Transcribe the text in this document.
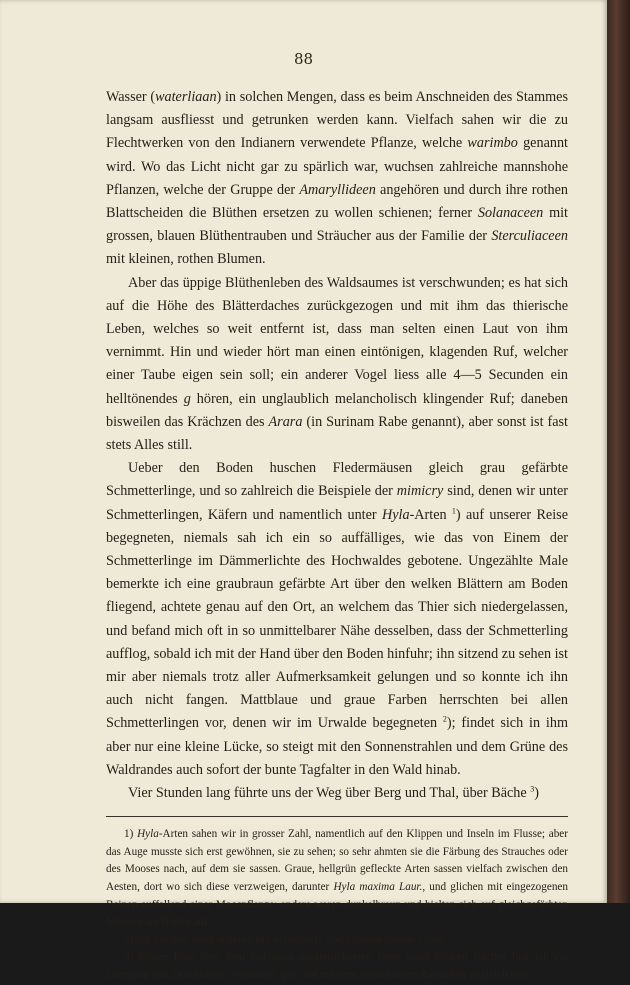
88

Wasser (waterliaan) in solchen Mengen, dass es beim Anschneiden des Stammes langsam ausfliesst und getrunken werden kann. Vielfach sahen wir die zu Flechtwerken von den Indianern verwendete Pflanze, welche warimbo genannt wird. Wo das Licht nicht gar zu spärlich war, wuchsen zahlreiche mannshohe Pflanzen, welche der Gruppe der Amaryllideen angehören und durch ihre rothen Blattscheiden die Blüthen ersetzen zu wollen schienen; ferner Solanaceen mit grossen, blauen Blüthentrauben und Sträucher aus der Familie der Sterculiaceen mit kleinen, rothen Blumen.

Aber das üppige Blüthenleben des Waldsaumes ist verschwunden; es hat sich auf die Höhe des Blätterdaches zurückgezogen und mit ihm das thierische Leben, welches so weit entfernt ist, dass man selten einen Laut von ihm vernimmt. Hin und wieder hört man einen eintönigen, klagenden Ruf, welcher einer Taube eigen sein soll; ein anderer Vogel liess alle 4—5 Secunden ein helltönendes g hören, ein unglaublich melancholisch klingender Ruf; daneben bisweilen das Krächzen des Arara (in Surinam Rabe genannt), aber sonst ist fast stets Alles still.

Ueber den Boden huschen Fledermäusen gleich grau gefärbte Schmetterlinge, und so zahlreich die Beispiele der mimicry sind, denen wir unter Schmetterlingen, Käfern und namentlich unter Hyla-Arten $^1$) auf unserer Reise begegneten, niemals sah ich ein so auffälliges, wie das von Einem der Schmetterlinge im Dämmerlichte des Hochwaldes gebotene. Ungezählte Male bemerkte ich eine graubraun gefärbte Art über den welken Blättern am Boden fliegend, achtete genau auf den Ort, an welchem das Thier sich niedergelassen, und befand mich oft in so unmittelbarer Nähe desselben, dass der Schmetterling aufflog, sobald ich mit der Hand über den Boden hinfuhr; ihn sitzend zu sehen ist mir aber niemals trotz aller Aufmerksamkeit gelungen und so konnte ich ihn auch nicht fangen. Mattblaue und graue Farben herrschten bei allen Schmetterlingen vor, denen wir im Urwalde begegneten $^2$); findet sich in ihm aber nur eine kleine Lücke, so steigt mit den Sonnenstrahlen und dem Grüne des Waldrandes auch sofort der bunte Tagfalter in den Wald hinab.

Vier Stunden lang führte uns der Weg über Berg und Thal, über Bäche $^3$)

1) Hyla-Arten sahen wir in grosser Zahl, namentlich auf den Klippen und Inseln im Flusse; aber das Auge musste sich erst gewöhnen, sie zu sehen; so sehr ahmten sie die Färbung des Strauches oder des Mooses nach, auf dem sie sassen. Graue, hellgrün gefleckte Arten sassen vielfach zwischen den Aesten, dort wo sich diese verzweigen, darunter Hyla maxima Laur., und glichen mit eingezogenen Beinen auffallend einer Moospflanze; andere waren dunkelbraun und hielten sich auf gleichgefärbten Moosen am Boden auf.

2) Ich sah hier unter anderen Bia actorion L. und Cremna ceneus Cram.

3) Einige Fuss über dem fast ganz ausgetrockneten Bette eines kleinen Baches fing ich ein Exemplar von Dendrobates trivittatus Spix und mit dem erwachsenen Batrachier zugleich eine
